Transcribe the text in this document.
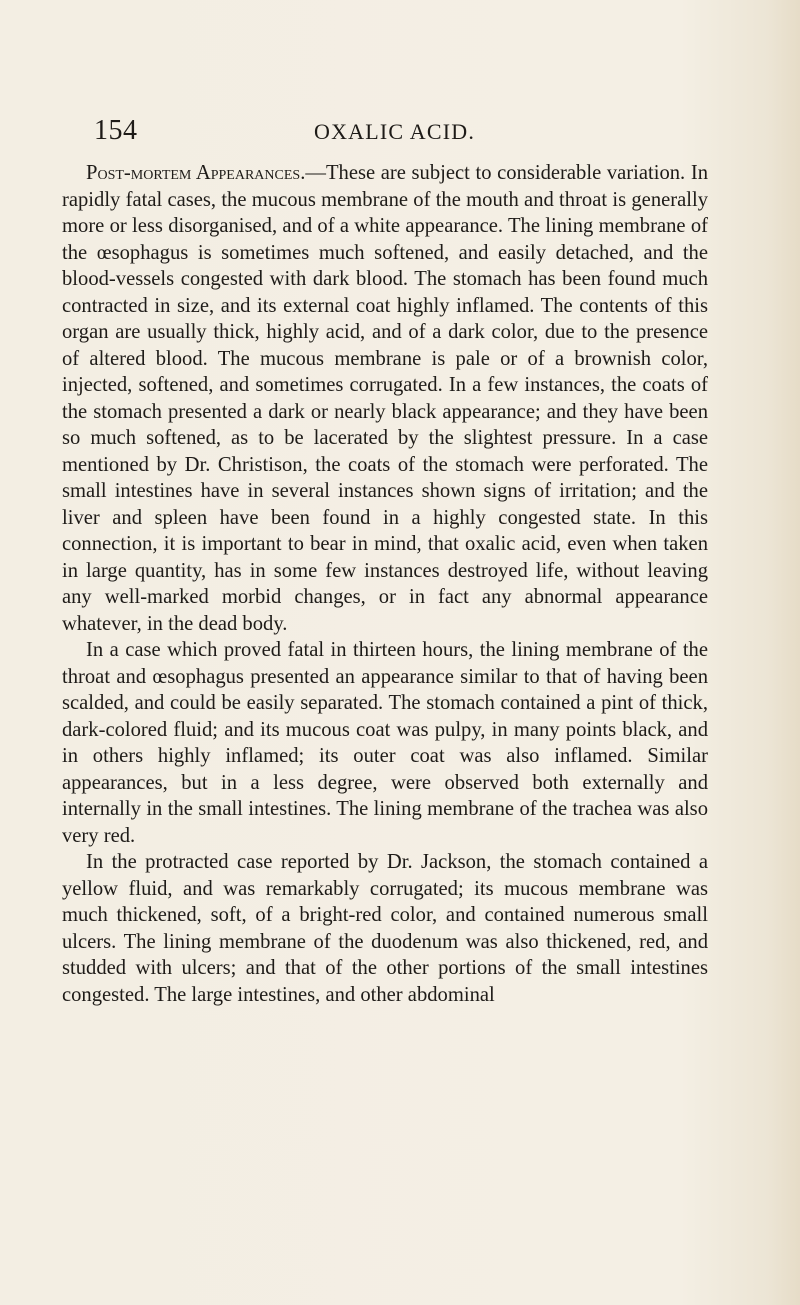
154	OXALIC ACID.

Post-mortem Appearances.—These are subject to considerable variation. In rapidly fatal cases, the mucous membrane of the mouth and throat is generally more or less disorganised, and of a white appearance. The lining membrane of the œsophagus is sometimes much softened, and easily detached, and the blood-vessels congested with dark blood. The stomach has been found much contracted in size, and its external coat highly inflamed. The contents of this organ are usually thick, highly acid, and of a dark color, due to the presence of altered blood. The mucous membrane is pale or of a brownish color, injected, softened, and sometimes corrugated. In a few instances, the coats of the stomach presented a dark or nearly black appearance; and they have been so much softened, as to be lacerated by the slightest pressure. In a case mentioned by Dr. Christison, the coats of the stomach were perforated. The small intestines have in several instances shown signs of irritation; and the liver and spleen have been found in a highly congested state. In this connection, it is important to bear in mind, that oxalic acid, even when taken in large quantity, has in some few instances destroyed life, without leaving any well-marked morbid changes, or in fact any abnormal appearance whatever, in the dead body.

In a case which proved fatal in thirteen hours, the lining membrane of the throat and œsophagus presented an appearance similar to that of having been scalded, and could be easily separated. The stomach contained a pint of thick, dark-colored fluid; and its mucous coat was pulpy, in many points black, and in others highly inflamed; its outer coat was also inflamed. Similar appearances, but in a less degree, were observed both externally and internally in the small intestines. The lining membrane of the trachea was also very red.

In the protracted case reported by Dr. Jackson, the stomach contained a yellow fluid, and was remarkably corrugated; its mucous membrane was much thickened, soft, of a bright-red color, and contained numerous small ulcers. The lining membrane of the duodenum was also thickened, red, and studded with ulcers; and that of the other portions of the small intestines congested. The large intestines, and other abdominal
